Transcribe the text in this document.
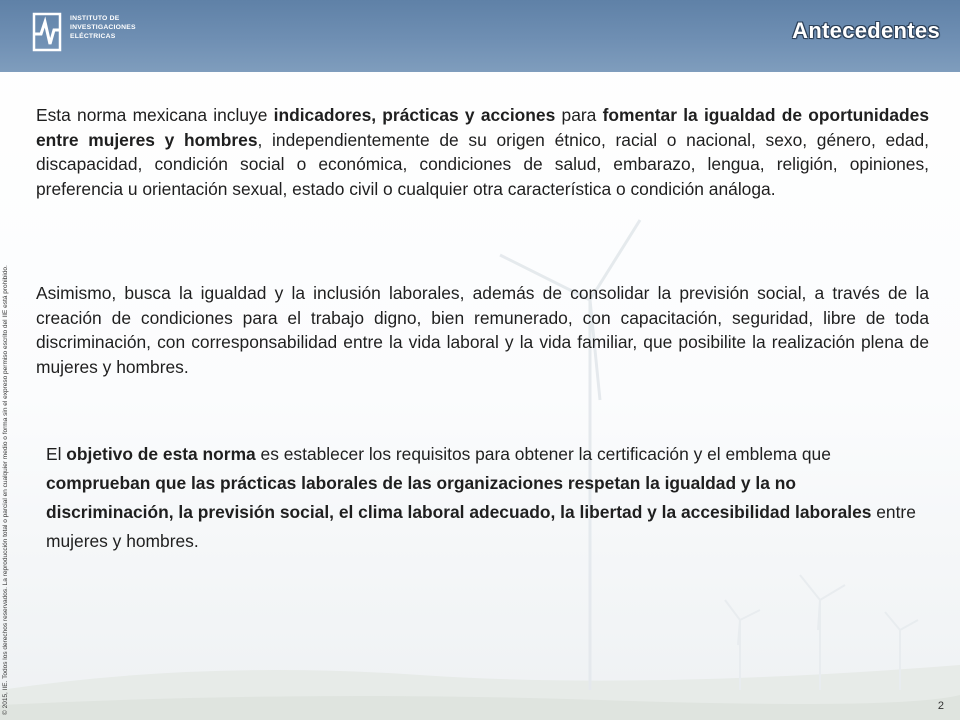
INSTITUTO DE
INVESTIGACIONES
ELÉCTRICAS	Antecedentes
© 2015, IIE. Todos los derechos reservados. La reproducción total o parcial en cualquier medio o forma sin el expreso permiso escrito del IIE está prohibido.
Esta norma mexicana incluye indicadores, prácticas y acciones para fomentar la igualdad de oportunidades entre mujeres y hombres, independientemente de su origen étnico, racial o nacional, sexo, género, edad, discapacidad, condición social o económica, condiciones de salud, embarazo, lengua, religión, opiniones, preferencia u orientación sexual, estado civil o cualquier otra característica o condición análoga.
Asimismo, busca la igualdad y la inclusión laborales, además de consolidar la previsión social, a través de la creación de condiciones para el trabajo digno, bien remunerado, con capacitación, seguridad, libre de toda discriminación, con corresponsabilidad entre la vida laboral y la vida familiar, que posibilite la realización plena de mujeres y hombres.
El objetivo de esta norma es establecer los requisitos para obtener la certificación y el emblema que comprueban que las prácticas laborales de las organizaciones respetan la igualdad y la no discriminación, la previsión social, el clima laboral adecuado, la libertad y la accesibilidad laborales entre mujeres y hombres.
2
